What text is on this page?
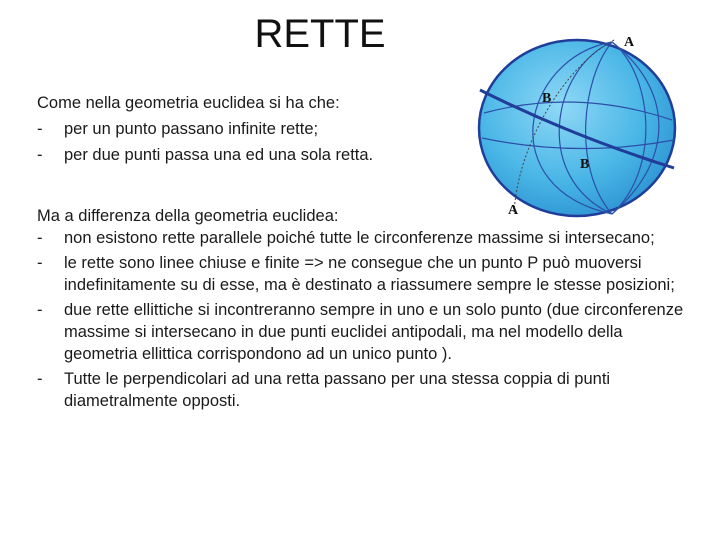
RETTE
Come nella geometria euclidea si ha che:
- per un punto passano infinite rette;
- per due punti passa una ed una sola retta.
A
B
B
A
Ma a differenza della geometria euclidea:
- non esistono rette parallele poiché tutte le circonferenze massime si intersecano;
- le rette sono linee chiuse e finite => ne consegue che un punto P può muoversi indefinitamente su di esse, ma è destinato a riassumere sempre le stesse posizioni;
- due rette ellittiche si incontreranno sempre in uno e un solo punto (due circonferenze massime si intersecano in due punti euclidei antipodali, ma nel modello della geometria ellittica corrispondono ad un unico punto ).
- Tutte le perpendicolari ad una retta passano per una stessa coppia di punti diametralmente opposti.
